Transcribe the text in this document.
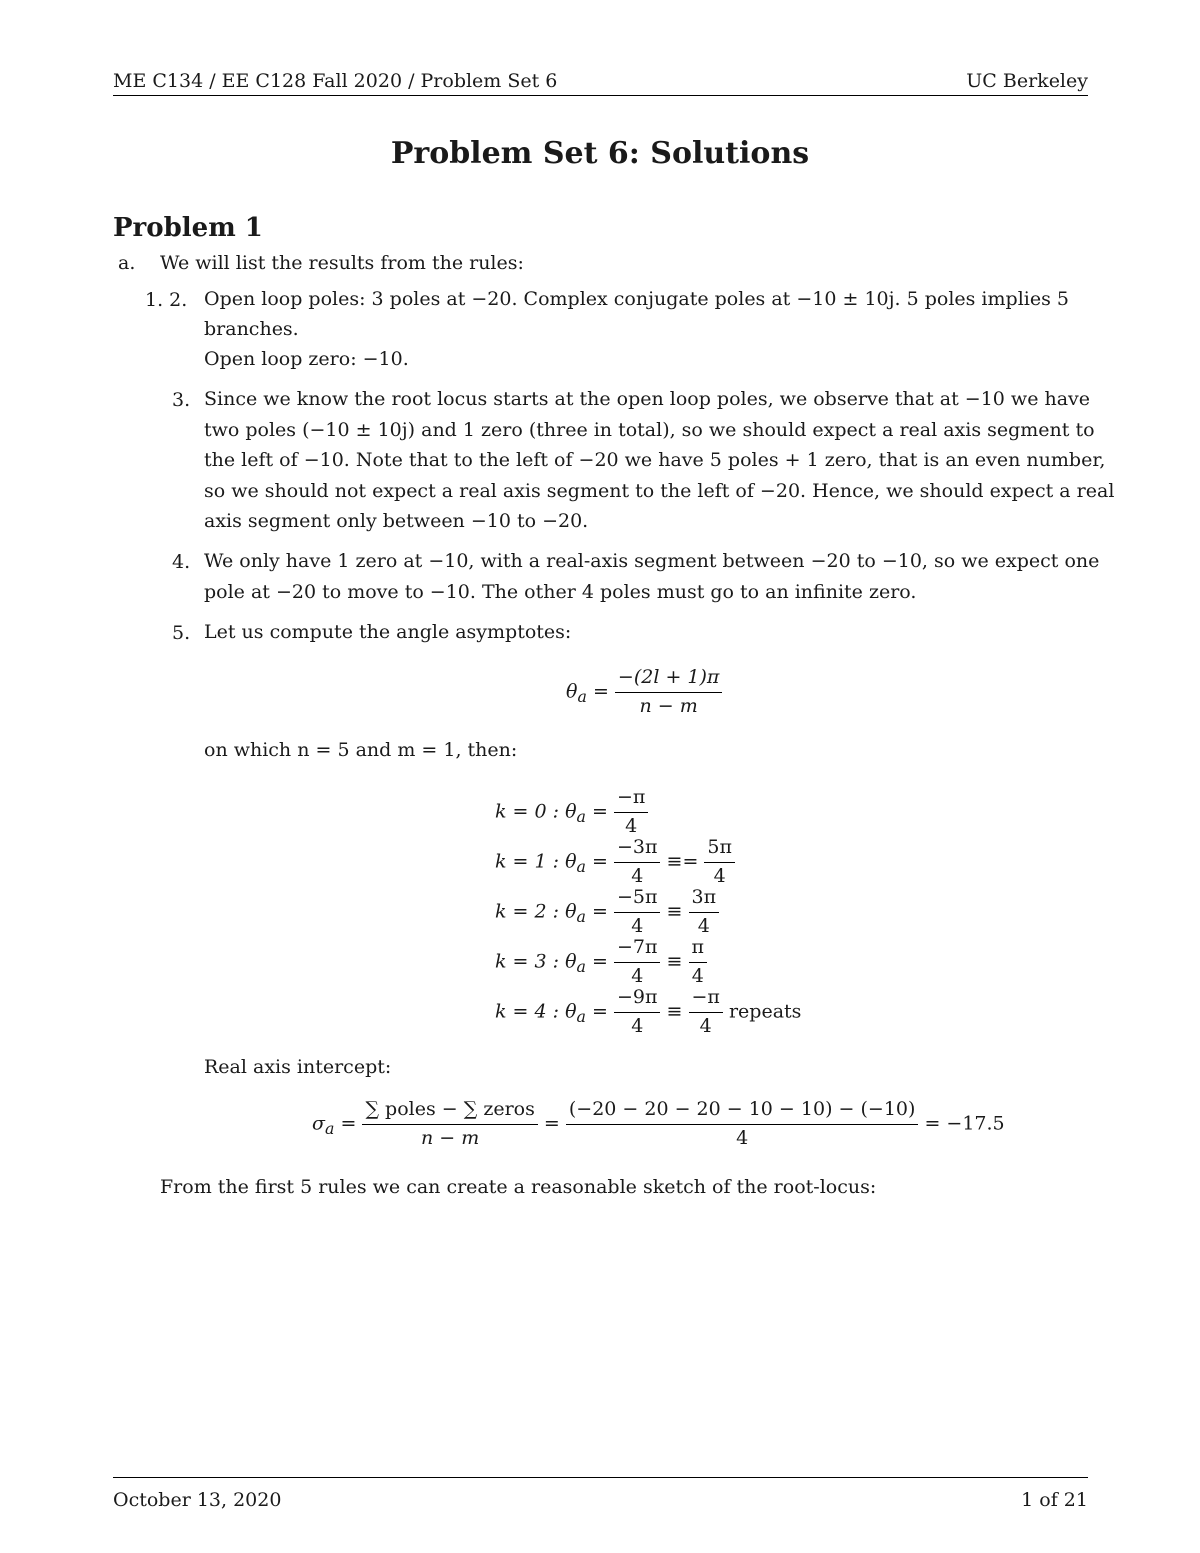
ME C134 / EE C128 Fall 2020 / Problem Set 6	UC Berkeley
Problem Set 6: Solutions
Problem 1
a. We will list the results from the rules:
1. 2. Open loop poles: 3 poles at −20. Complex conjugate poles at −10 ± 10j. 5 poles implies 5
branches.
Open loop zero: −10.
3. Since we know the root locus starts at the open loop poles, we observe that at −10 we have
two poles (−10 ± 10j) and 1 zero (three in total), so we should expect a real axis segment to
the left of −10. Note that to the left of −20 we have 5 poles + 1 zero, that is an even number,
so we should not expect a real axis segment to the left of −20. Hence, we should expect a real
axis segment only between −10 to −20.
4. We only have 1 zero at −10, with a real-axis segment between −20 to −10, so we expect one
pole at −20 to move to −10. The other 4 poles must go to an infinite zero.
5. Let us compute the angle asymptotes:
$\theta_a = \frac{-(2l + 1)\pi}{n - m}$
on which n = 5 and m = 1, then:
k = 0 : $\theta_a = \frac{-\pi}{4}$
k = 1 : $\theta_a = \frac{-3\pi}{4} \equiv= \frac{5\pi}{4}$
k = 2 : $\theta_a = \frac{-5\pi}{4} \equiv \frac{3\pi}{4}$
k = 3 : $\theta_a = \frac{-7\pi}{4} \equiv \frac{\pi}{4}$
k = 4 : $\theta_a = \frac{-9\pi}{4} \equiv \frac{-\pi}{4}$ repeats
Real axis intercept:
$\sigma_a = \frac{\text{∑ poles − ∑ zeros}}{n - m} = \frac{(-20 - 20 - 20 - 10 - 10) - (-10)}{4} = -17.5$
From the first 5 rules we can create a reasonable sketch of the root-locus:
October 13, 2020	1 of 21
